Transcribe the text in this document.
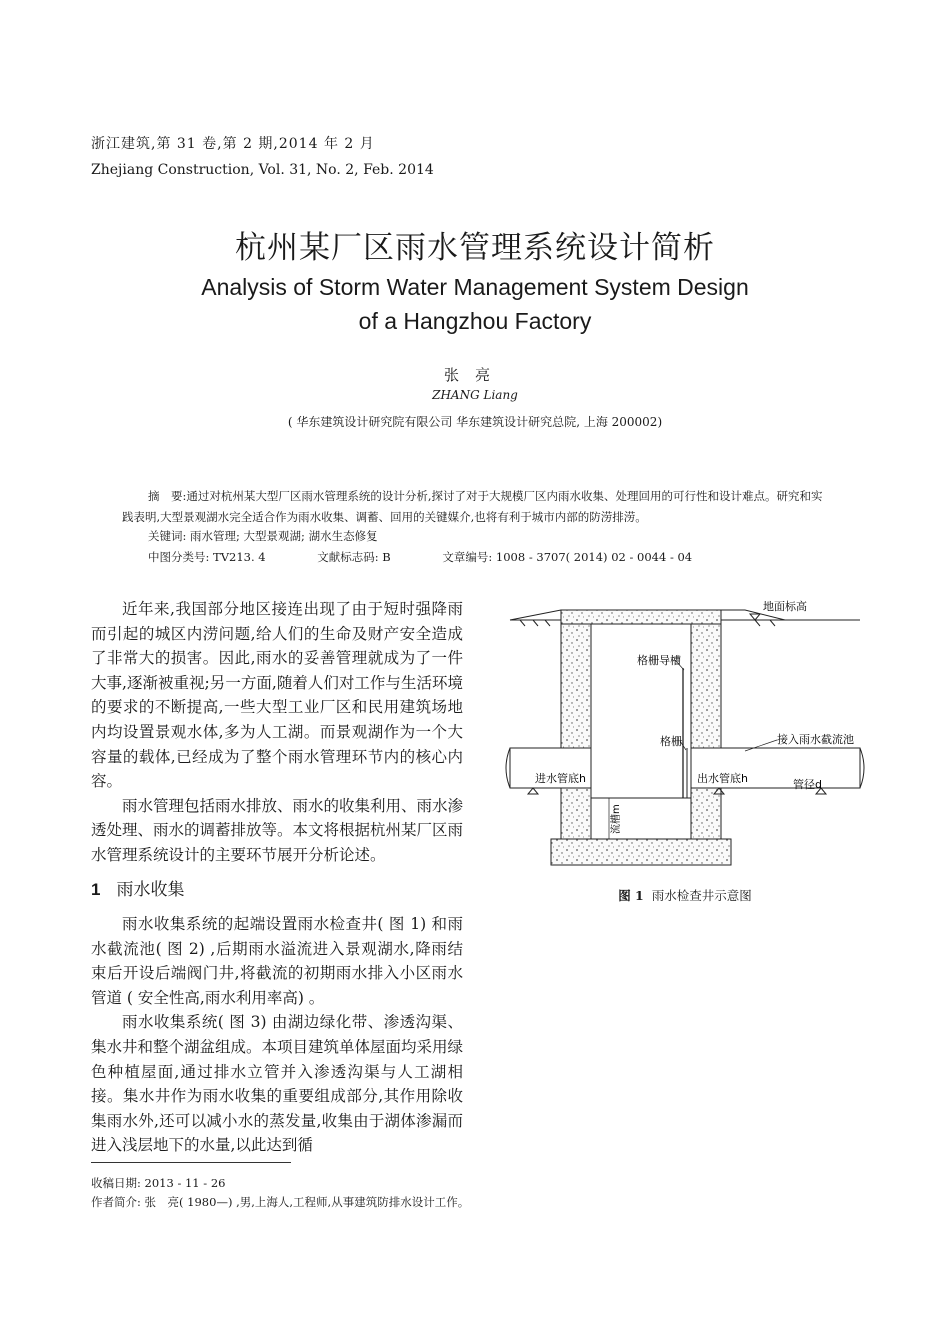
浙江建筑,第 31 卷,第 2 期,2014 年 2 月
Zhejiang Construction, Vol. 31, No. 2, Feb. 2014
杭州某厂区雨水管理系统设计简析
Analysis of Storm Water Management System Design
of a Hangzhou Factory
张亮
ZHANG Liang
( 华东建筑设计研究院有限公司 华东建筑设计研究总院, 上海 200002)
摘　要:通过对杭州某大型厂区雨水管理系统的设计分析,探讨了对于大规模厂区内雨水收集、处理回用的可行性和设计难点。研究和实践表明,大型景观湖水完全适合作为雨水收集、调蓄、回用的关键媒介,也将有利于城市内部的防涝排涝。
关键词: 雨水管理; 大型景观湖; 湖水生态修复
中图分类号: TV213. 4	文献标志码: B	文章编号: 1008 - 3707( 2014) 02 - 0044 - 04

近年来,我国部分地区接连出现了由于短时强降雨而引起的城区内涝问题,给人们的生命及财产安全造成了非常大的损害。因此,雨水的妥善管理就成为了一件大事,逐渐被重视;另一方面,随着人们对工作与生活环境的要求的不断提高,一些大型工业厂区和民用建筑场地内均设置景观水体,多为人工湖。而景观湖作为一个大容量的载体,已经成为了整个雨水管理环节内的核心内容。

雨水管理包括雨水排放、雨水的收集利用、雨水渗透处理、雨水的调蓄排放等。本文将根据杭州某厂区雨水管理系统设计的主要环节展开分析论述。

1 雨水收集

雨水收集系统的起端设置雨水检查井( 图 1) 和雨水截流池( 图 2) ,后期雨水溢流进入景观湖水,降雨结束后开设后端阀门井,将截流的初期雨水排入小区雨水管道 ( 安全性高,雨水利用率高) 。

雨水收集系统( 图 3) 由湖边绿化带、渗透沟渠、集水井和整个湖盆组成。本项目建筑单体屋面均采用绿色种植屋面,通过排水立管并入渗透沟渠与人工湖相接。集水井作为雨水收集的重要组成部分,其作用除收集雨水外,还可以减小水的蒸发量,收集由于湖体渗漏而进入浅层地下的水量,以此达到循

地面标高
格栅导槽
格栅	接入雨水截流池
进水管底h	出水管底h	管径d
流槽m
图 1 雨水检查井示意图
收稿日期: 2013 - 11 - 26
作者简介: 张　亮( 1980—) ,男,上海人,工程师,从事建筑防排水设计工作。
